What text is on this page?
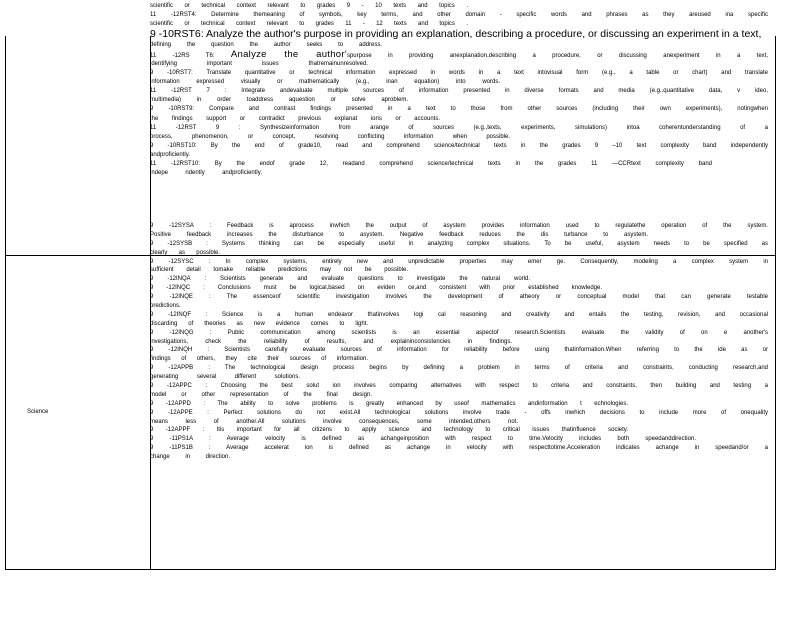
Science
scientific or technical context relevant to grades 9 - 10 texts and topics .
11 -12RST4: Determine themeaning of symbols, key terms, and other domain - specific words and phrases as they areused ina specific
scientific or technical context relevant to grades 11 - 12 texts and topics .
9 -10RST6: Analyze the author's purpose in providing an explanation, describing a procedure, or discussing an experiment in a text,
defining the question the author seeks to address.
11 -12RS T6: Analyze the author'spurpose in providing anexplanation,describing a procedure, or discussing anexperiment in a text,
identifying important issues thatremainunresolved.
9 -10RST7: Translate quantitative or technical information expressed in words in a text intovisual form (e.g., a table or chart) and translate
information expressed visually or mathematically (e.g., inan equation) into words.
11 -12RST 7 : Integrate andevaluate multiple sources of information presented in diverse formats and media (e.g.,quantitative data, v ideo,
multimedia) in order toaddress aquestion or solve aproblem.
9 -10RST9: Compare and contrast findings presented in a text to those from other sources (including their own experiments), notingwhen
the findings support or contradict previous explanat ions or accounts.
11 -12RST 9 : Synthesizeinformation from arange of sources (e.g.,texts, experiments, simulations) intoa coherentunderstanding of a
process, phenomenon, or concept, resolving conflicting information when possible.
9 -10RST10: By the end of grade10, read and comprehend science/technical texts in the grades 9 –10 text complexity band independently
andproficiently.
11 -12RST10: By the endof grade 12, readand comprehend science/technical texts in the grades 11 —CCRtext complexity band
indepe ndently andproficiently.
9 -12SYSA : Feedback is aprocess inwhich the output of asystem provides information used to regulatethe operation of the system.
Positive feedback increases the disturbance to asystem. Negative feedback reduces the dis turbance to asystem.
9 -12SYSB : Systems thinking can be especially useful in analyzing complex situations. To be useful, asystem needs to be specified as
clearly as possible.
9 -12SYSC : In complex systems, entirely new and unpredictable properties may emer ge. Consequently, modeling a complex system in
sufficient detail tomake reliable predictions may not be possible.
9 -12INQA : Scientists generate and evaluate questions to investigate the natural world.
9 -12INQC : Conclusions must be logical,based on eviden ce,and consistent with prior established knowledge.
9 -12INQE : The essenceof scientific investigation involves the development of atheory or conceptual model that can generate testable
predictions.
9 -12INQF : Science is a human endeavor thatinvolves logi cal reasoning and creativity and entails the testing, revision, and occasional
discarding of theories as new evidence comes to light.
9 -12INQG : Public communication among scientists is an essential aspectof research.Scientists evaluate the validity of on e another's
investigations, check the reliability of results, and explaininconsistencies in findings.
9 -12INQH : Scientists carefully evaluate sources of information for reliability before using thatinformation.When referring to the ide as or
findings of others, they cite their sources of information.
9 -12APPB : The technological design process begins by defining a problem in terms of criteria and constraints, conducting research,and
generating several different solutions.
9 -12APPC : Choosing the best solut ion involves comparing alternatives with respect to criteria and constraints, then building and testing a
model or other representation of the final design.
9 -12APPD : The ability to solve problems is greatly enhanced by useof mathematics andinformation t echnologies.
9 -12APPE : Perfect solutions do not exist.All technological solutions involve trade - offs inwhich decisions to include more of onequality
means less of another.All solutions involve consequences, some intended,others not.
9 -12APPF : Itis important for all citizens to apply science and technology to critical issues thatinfluence society.
9 -11PS1A : Average velocity is defined as achangeinposition with respect to time.Velocity includes both speedanddirection.
9 -11PS1B : Average accelerat ion is defined as achange in velocity with respecttotime.Acceleration indicates achange in speedand/or a
change in direction.
